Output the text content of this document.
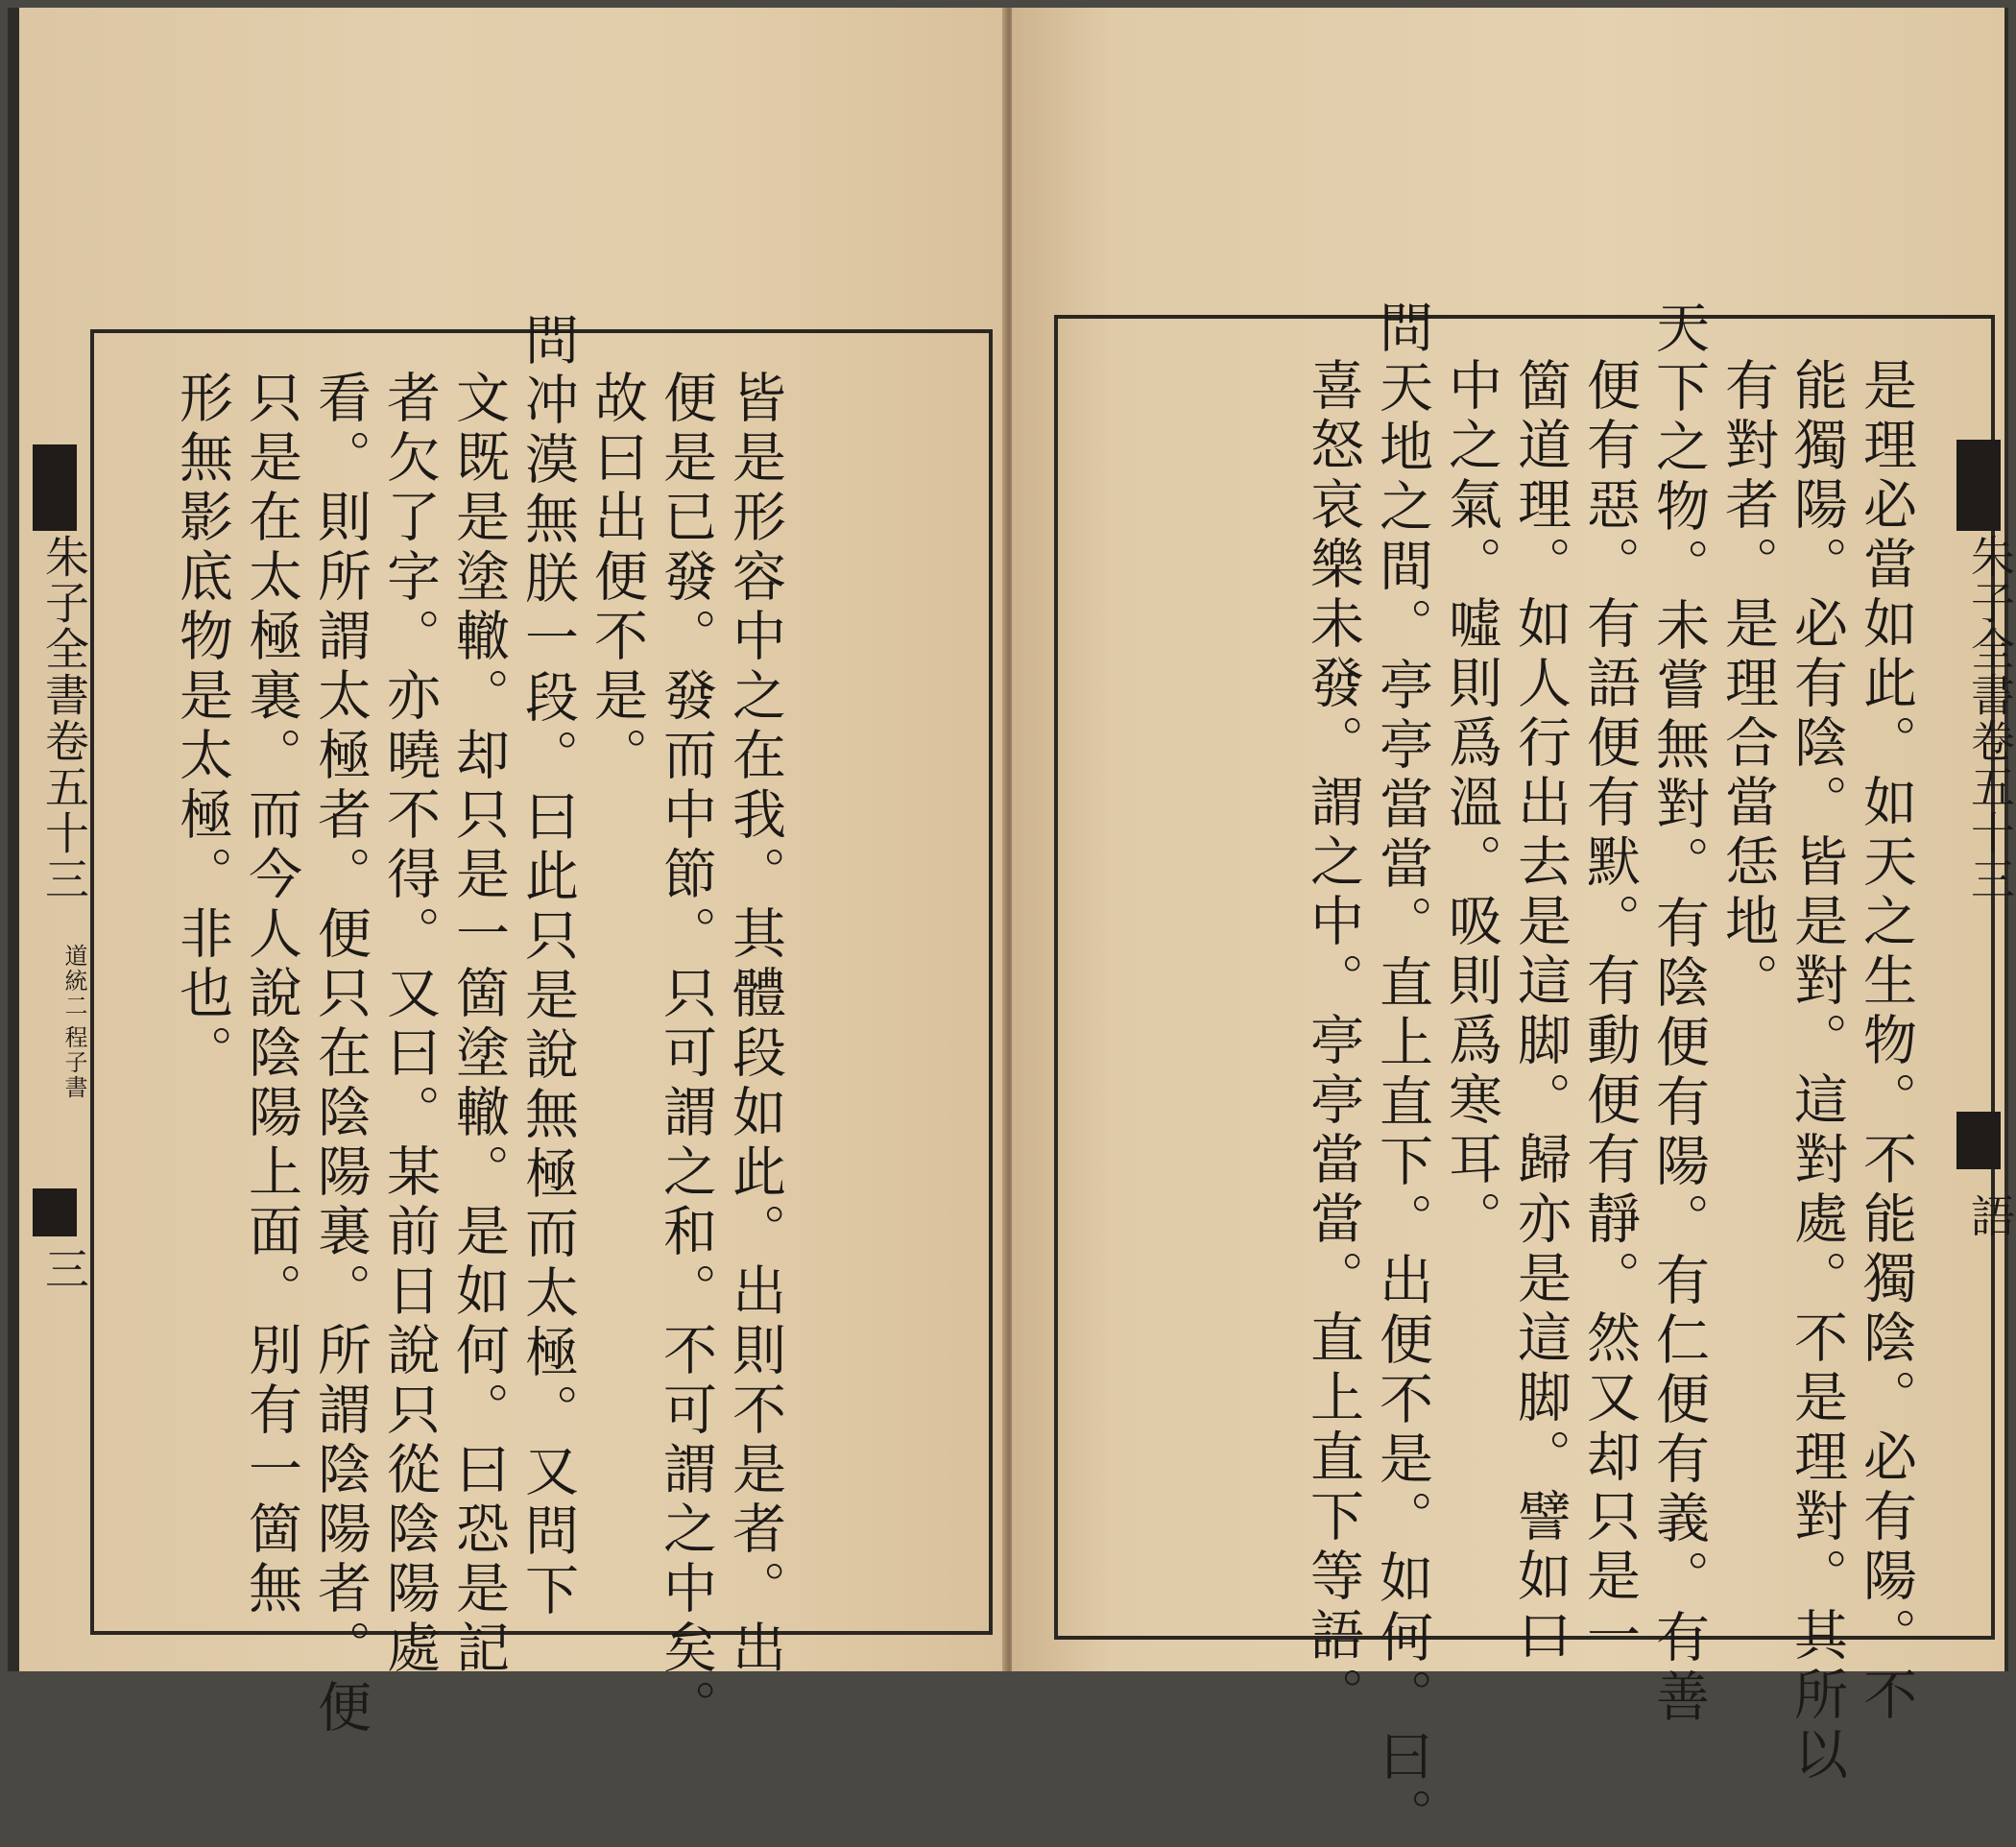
皆是形容中之在我。其體段如此。出則不是者。出
便是已發。發而中節。只可謂之和。不可謂之中矣。
故曰出便不是。
問冲漠無朕一段。曰此只是說無極而太極。又問下
文既是塗轍。却只是一箇塗轍。是如何。曰恐是記
者欠了字。亦曉不得。又曰。某前日說只從陰陽處
看。則所謂太極者。便只在陰陽裏。所謂陰陽者。便
只是在太極裏。而今人說陰陽上面。別有一箇無
形無影底物是太極。非也。
朱子全書卷五十三
道統二
程子書
三	是理必當如此。如天之生物。不能獨陰。必有陽。不
能獨陽。必有陰。皆是對。這對處。不是理對。其所以
有對者。是理合當恁地。
天下之物。未嘗無對。有陰便有陽。有仁便有義。有善
便有惡。有語便有默。有動便有靜。然又却只是一
箇道理。如人行出去是這脚。歸亦是這脚。譬如口
中之氣。噓則爲溫。吸則爲寒耳。
問天地之間。亭亭當當。直上直下。出便不是。如何。曰。
喜怒哀樂未發。謂之中。亭亭當當。直上直下等語。	朱子全書卷五十三
語
